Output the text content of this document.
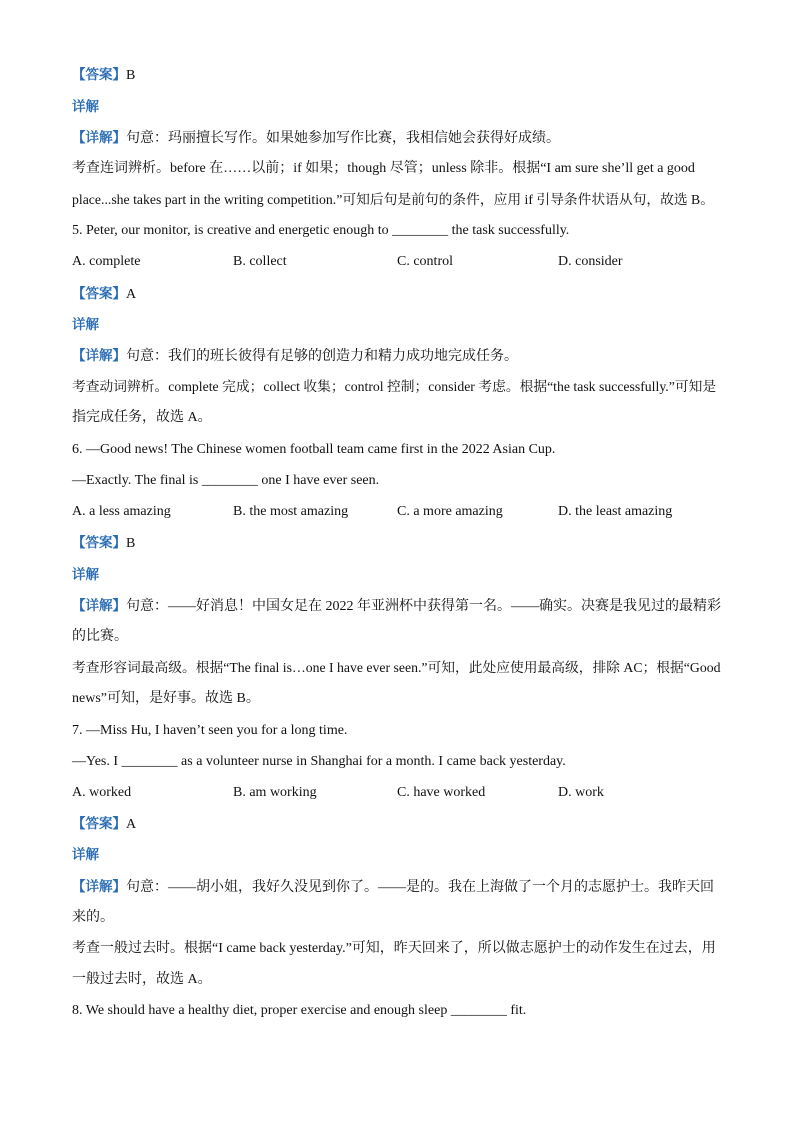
【答案】B
详解
【详解】句意：玛丽擅长写作。如果她参加写作比赛，我相信她会获得好成绩。
考查连词辨析。before 在……以前；if 如果；though 尽管；unless 除非。根据“I am sure she’ll get a good
place...she takes part in the writing competition.”可知后句是前句的条件，应用 if 引导条件状语从句，故选 B。
5. Peter, our monitor, is creative and energetic enough to ________ the task successfully.
A. complete	B. collect	C. control	D. consider
【答案】A
详解
【详解】句意：我们的班长彼得有足够的创造力和精力成功地完成任务。
考查动词辨析。complete 完成；collect 收集；control 控制；consider 考虑。根据“the task successfully.”可知是
指完成任务，故选 A。
6. —Good news! The Chinese women football team came first in the 2022 Asian Cup.
—Exactly. The final is ________ one I have ever seen.
A. a less amazing	B. the most amazing	C. a more amazing	D. the least amazing
【答案】B
详解
【详解】句意：——好消息！中国女足在 2022 年亚洲杯中获得第一名。——确实。决赛是我见过的最精彩
的比赛。
考查形容词最高级。根据“The final is…one I have ever seen.”可知，此处应使用最高级，排除 AC；根据“Good
news”可知，是好事。故选 B。
7. —Miss Hu, I haven’t seen you for a long time.
—Yes. I ________ as a volunteer nurse in Shanghai for a month. I came back yesterday.
A. worked	B. am working	C. have worked	D. work
【答案】A
详解
【详解】句意：——胡小姐，我好久没见到你了。——是的。我在上海做了一个月的志愿护士。我昨天回
来的。
考查一般过去时。根据“I came back yesterday.”可知，昨天回来了，所以做志愿护士的动作发生在过去，用
一般过去时，故选 A。
8. We should have a healthy diet, proper exercise and enough sleep ________ fit.
